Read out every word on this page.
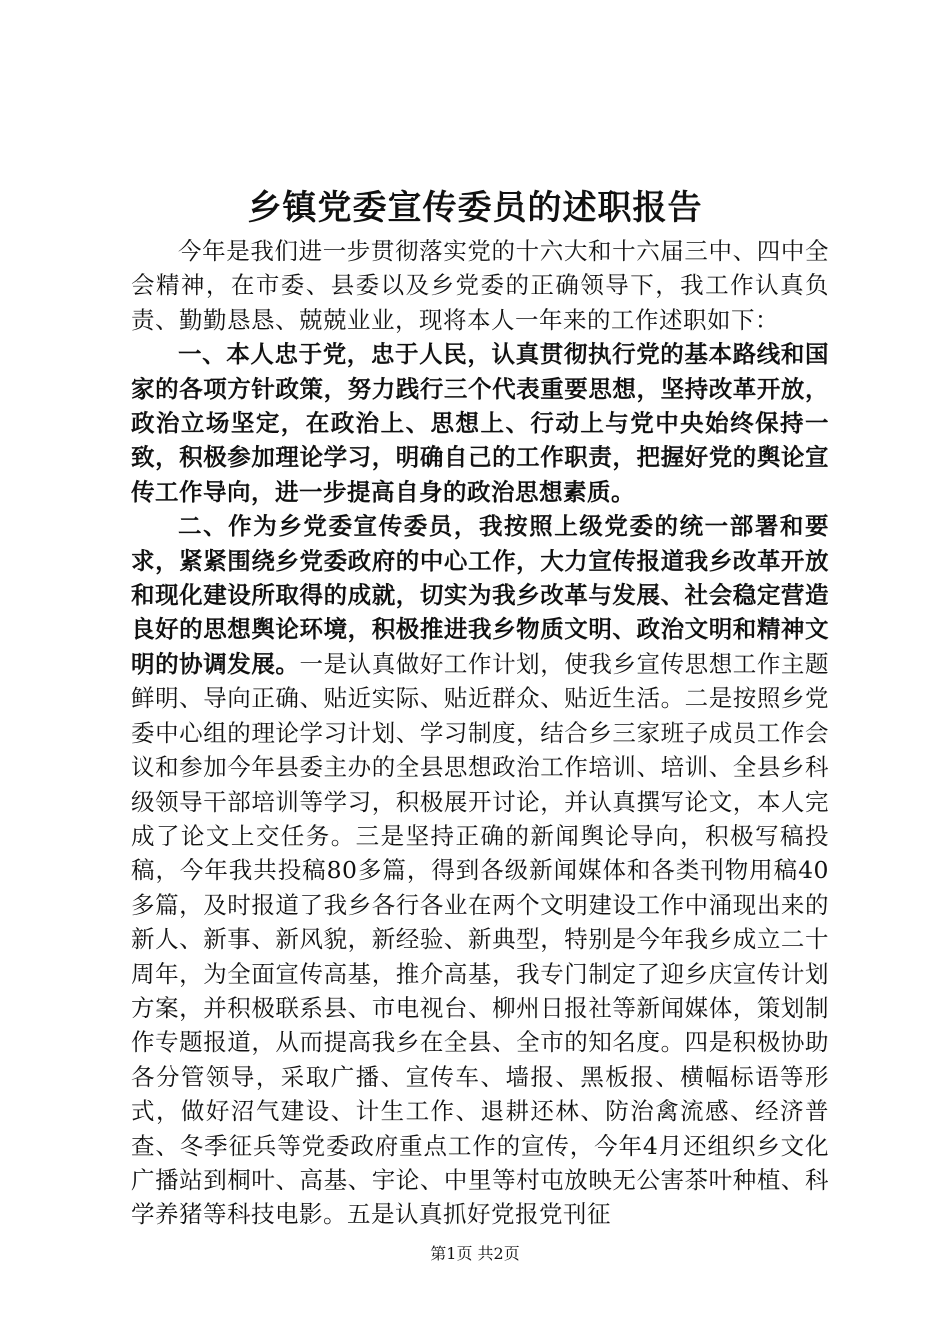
乡镇党委宣传委员的述职报告

今年是我们进一步贯彻落实党的十六大和十六届三中、四中全会精神，在市委、县委以及乡党委的正确领导下，我工作认真负责、勤勤恳恳、兢兢业业，现将本人一年来的工作述职如下：

一、本人忠于党，忠于人民，认真贯彻执行党的基本路线和国家的各项方针政策，努力践行三个代表重要思想，坚持改革开放，政治立场坚定，在政治上、思想上、行动上与党中央始终保持一致，积极参加理论学习，明确自己的工作职责，把握好党的舆论宣传工作导向，进一步提高自身的政治思想素质。

二、作为乡党委宣传委员，我按照上级党委的统一部署和要求，紧紧围绕乡党委政府的中心工作，大力宣传报道我乡改革开放和现化建设所取得的成就，切实为我乡改革与发展、社会稳定营造良好的思想舆论环境，积极推进我乡物质文明、政治文明和精神文明的协调发展。一是认真做好工作计划，使我乡宣传思想工作主题鲜明、导向正确、贴近实际、贴近群众、贴近生活。二是按照乡党委中心组的理论学习计划、学习制度，结合乡三家班子成员工作会议和参加今年县委主办的全县思想政治工作培训、培训、全县乡科级领导干部培训等学习，积极展开讨论，并认真撰写论文，本人完成了论文上交任务。三是坚持正确的新闻舆论导向，积极写稿投稿，今年我共投稿80多篇，得到各级新闻媒体和各类刊物用稿40多篇，及时报道了我乡各行各业在两个文明建设工作中涌现出来的新人、新事、新风貌，新经验、新典型，特别是今年我乡成立二十周年，为全面宣传高基，推介高基，我专门制定了迎乡庆宣传计划方案，并积极联系县、市电视台、柳州日报社等新闻媒体，策划制作专题报道，从而提高我乡在全县、全市的知名度。四是积极协助各分管领导，采取广播、宣传车、墙报、黑板报、横幅标语等形式，做好沼气建设、计生工作、退耕还林、防治禽流感、经济普查、冬季征兵等党委政府重点工作的宣传，今年4月还组织乡文化广播站到桐叶、高基、宇论、中里等村屯放映无公害茶叶种植、科学养猪等科技电影。五是认真抓好党报党刊征

第1页 共2页
